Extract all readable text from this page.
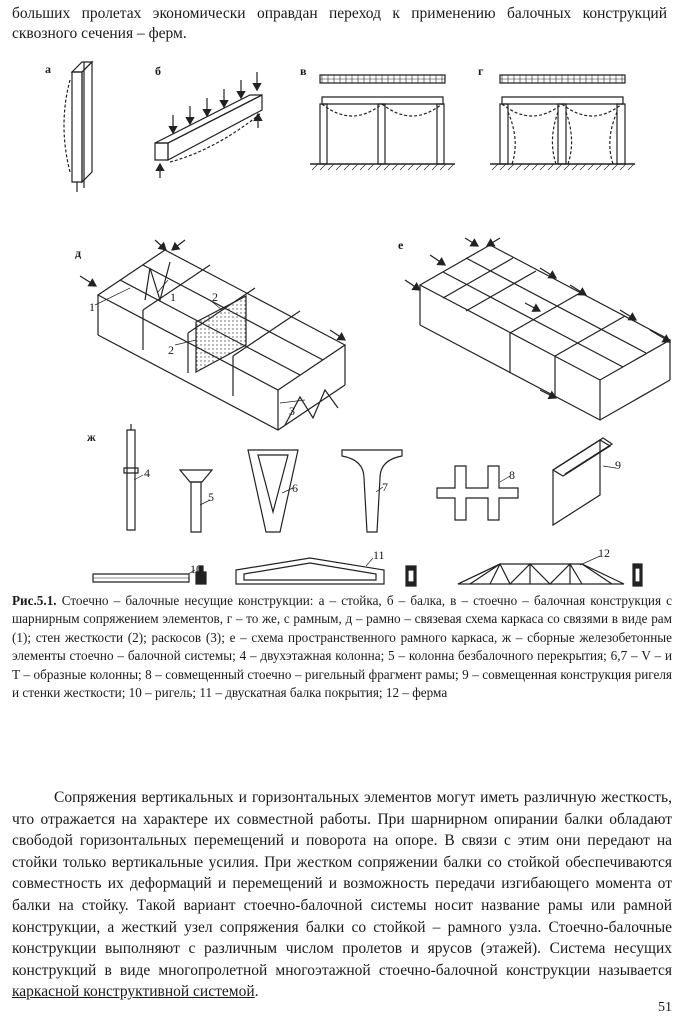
больших пролетах экономически оправдан переход к применению балочных конструкций сквозного сечения – ферм.

а	б	в	г
д
е
ж
1
1	2
2
3
4
5
6	7
8
9
10
11	12

Рис.5.1. Стоечно – балочные несущие конструкции: а – стойка, б – балка, в – стоечно – балочная конструкция с шарнирным сопряжением элементов, г – то же, с рамным, д – рамно – связевая схема каркаса со связями в виде рам (1); стен жесткости (2); раскосов (3); е – схема пространственного рамного каркаса, ж – сборные железобетонные элементы стоечно – балочной системы; 4 – двухэтажная колонна; 5 – колонна безбалочного перекрытия; 6,7 – V – и Т – образные колонны; 8 – совмещенный стоечно – ригельный фрагмент рамы; 9 – совмещенная конструкция ригеля и стенки жесткости; 10 – ригель; 11 – двускатная балка покрытия; 12 – ферма

Сопряжения вертикальных и горизонтальных элементов могут иметь различную жесткость, что отражается на характере их совместной работы. При шарнирном опирании балки обладают свободой горизонтальных перемещений и поворота на опоре. В связи с этим они передают на стойки только вертикальные усилия. При жестком сопряжении балки со стойкой обеспечиваются совместность их деформаций и перемещений и возможность передачи изгибающего момента от балки на стойку. Такой вариант стоечно-балочной системы носит название рамы или рамной конструкции, а жесткий узел сопряжения балки со стойкой – рамного узла. Стоечно-балочные конструкции выполняют с различным числом пролетов и ярусов (этажей). Система несущих конструкций в виде многопролетной многоэтажной стоечно-балочной конструкции называется каркасной конструктивной системой.

51
